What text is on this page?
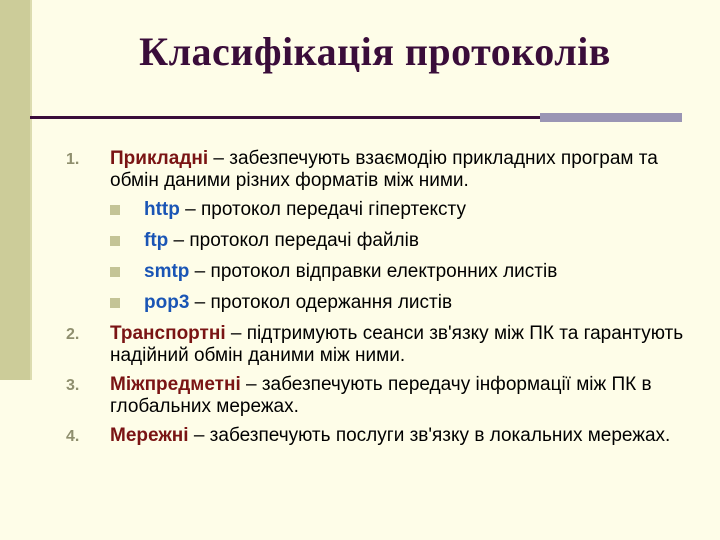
Класифікація протоколів
1. Прикладні – забезпечують взаємодію прикладних програм та обмін даними різних форматів між ними.
http – протокол передачі гіпертексту
ftp – протокол передачі файлів
smtp – протокол відправки електронних листів
pop3 – протокол одержання листів
2. Транспортні – підтримують сеанси зв'язку між ПК та гарантують надійний обмін даними між ними.
3. Міжпредметні – забезпечують передачу інформації між ПК в глобальних мережах.
4. Мережні – забезпечують послуги зв'язку в локальних мережах.
